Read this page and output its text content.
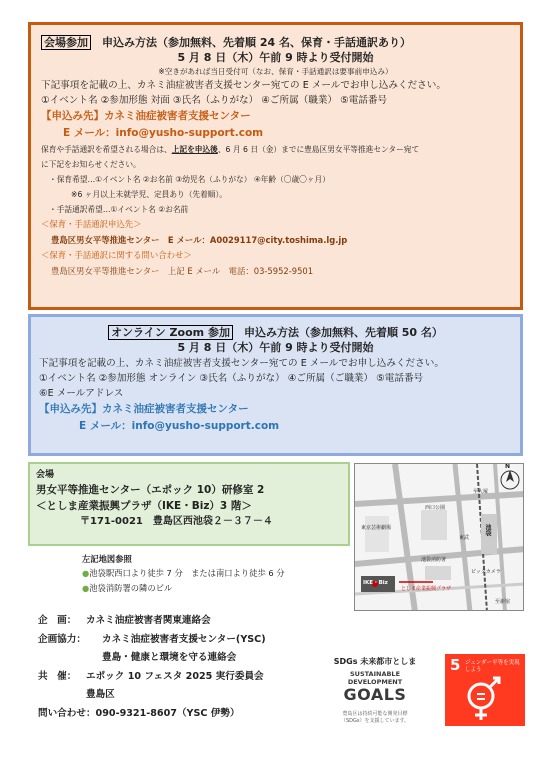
会場参加　申込み方法（参加無料、先着順 24 名、保育・手話通訳あり）
5 月 8 日（木）午前 9 時より受付開始
※空きがあれば当日受付可（なお、保育・手話通訳は要事前申込み）
下記事項を記載の上、カネミ油症被害者支援センター宛ての E メールでお申し込みください。
①イベント名 ②参加形態 対面 ③氏名（ふりがな） ④ご所属（職業） ⑤電話番号
【申込み先】カネミ油症被害者支援センター
E メール：info@yusho-support.com
保育や手話通訳を希望される場合は、上記を申込後、6 月 6 日（金）までに豊島区男女平等推進センター宛て
に下記をお知らせください。
・保育希望…①イベント名 ②お名前 ③幼児名（ふりがな） ④年齢（〇歳〇ヶ月）
※6 ヶ月以上未就学児、定員あり（先着順）。
・手話通訳希望…①イベント名 ②お名前
＜保育・手話通訳申込先＞
豊島区男女平等推進センター　E メール：A0029117@city.toshima.lg.jp
＜保育・手話通訳に関する問い合わせ＞
豊島区男女平等推進センター　上記 E メール　電話：03-5952-9501
オンライン Zoom 参加　申込み方法（参加無料、先着順 50 名）
5 月 8 日（木）午前 9 時より受付開始
下記事項を記載の上、カネミ油症被害者支援センター宛ての E メールでお申し込みください。
①イベント名 ②参加形態 オンライン ③氏名（ふりがな） ④ご所属（ご職業） ⑤電話番号
⑥E メールアドレス
【申込み先】カネミ油症被害者支援センター
E メール：info@yusho-support.com
会場
男女平等推進センター（エポック 10）研修室 2
＜としま産業振興プラザ（IKE・Biz）3 階＞
〒171-0021　豊島区西池袋２－３７－４
左記地図参照
●池袋駅西口より徒歩 7 分　または南口より徒歩 6 分
●池袋消防署の隣のビル
N
至大塚
池袋
東武
西口公園
ビックカメラ
東京芸術劇場
池袋消防署
IKE・Biz
としま産業振興プラザ
至新宿
企　画： カネミ油症被害者関東連絡会
企画協力： カネミ油症被害者支援センター(YSC)
豊島・健康と環境を守る連絡会
共　催： エポック 10 フェスタ 2025 実行委員会
豊島区
問い合わせ：090-9321-8607（YSC 伊勢）
SDGs 未来都市としま
SUSTAINABLE
DEVELOPMENT
GOALS
豊島区は持続可能な開発目標
（SDGs）を支援しています。
5 ジェンダー平等を実現しよう
